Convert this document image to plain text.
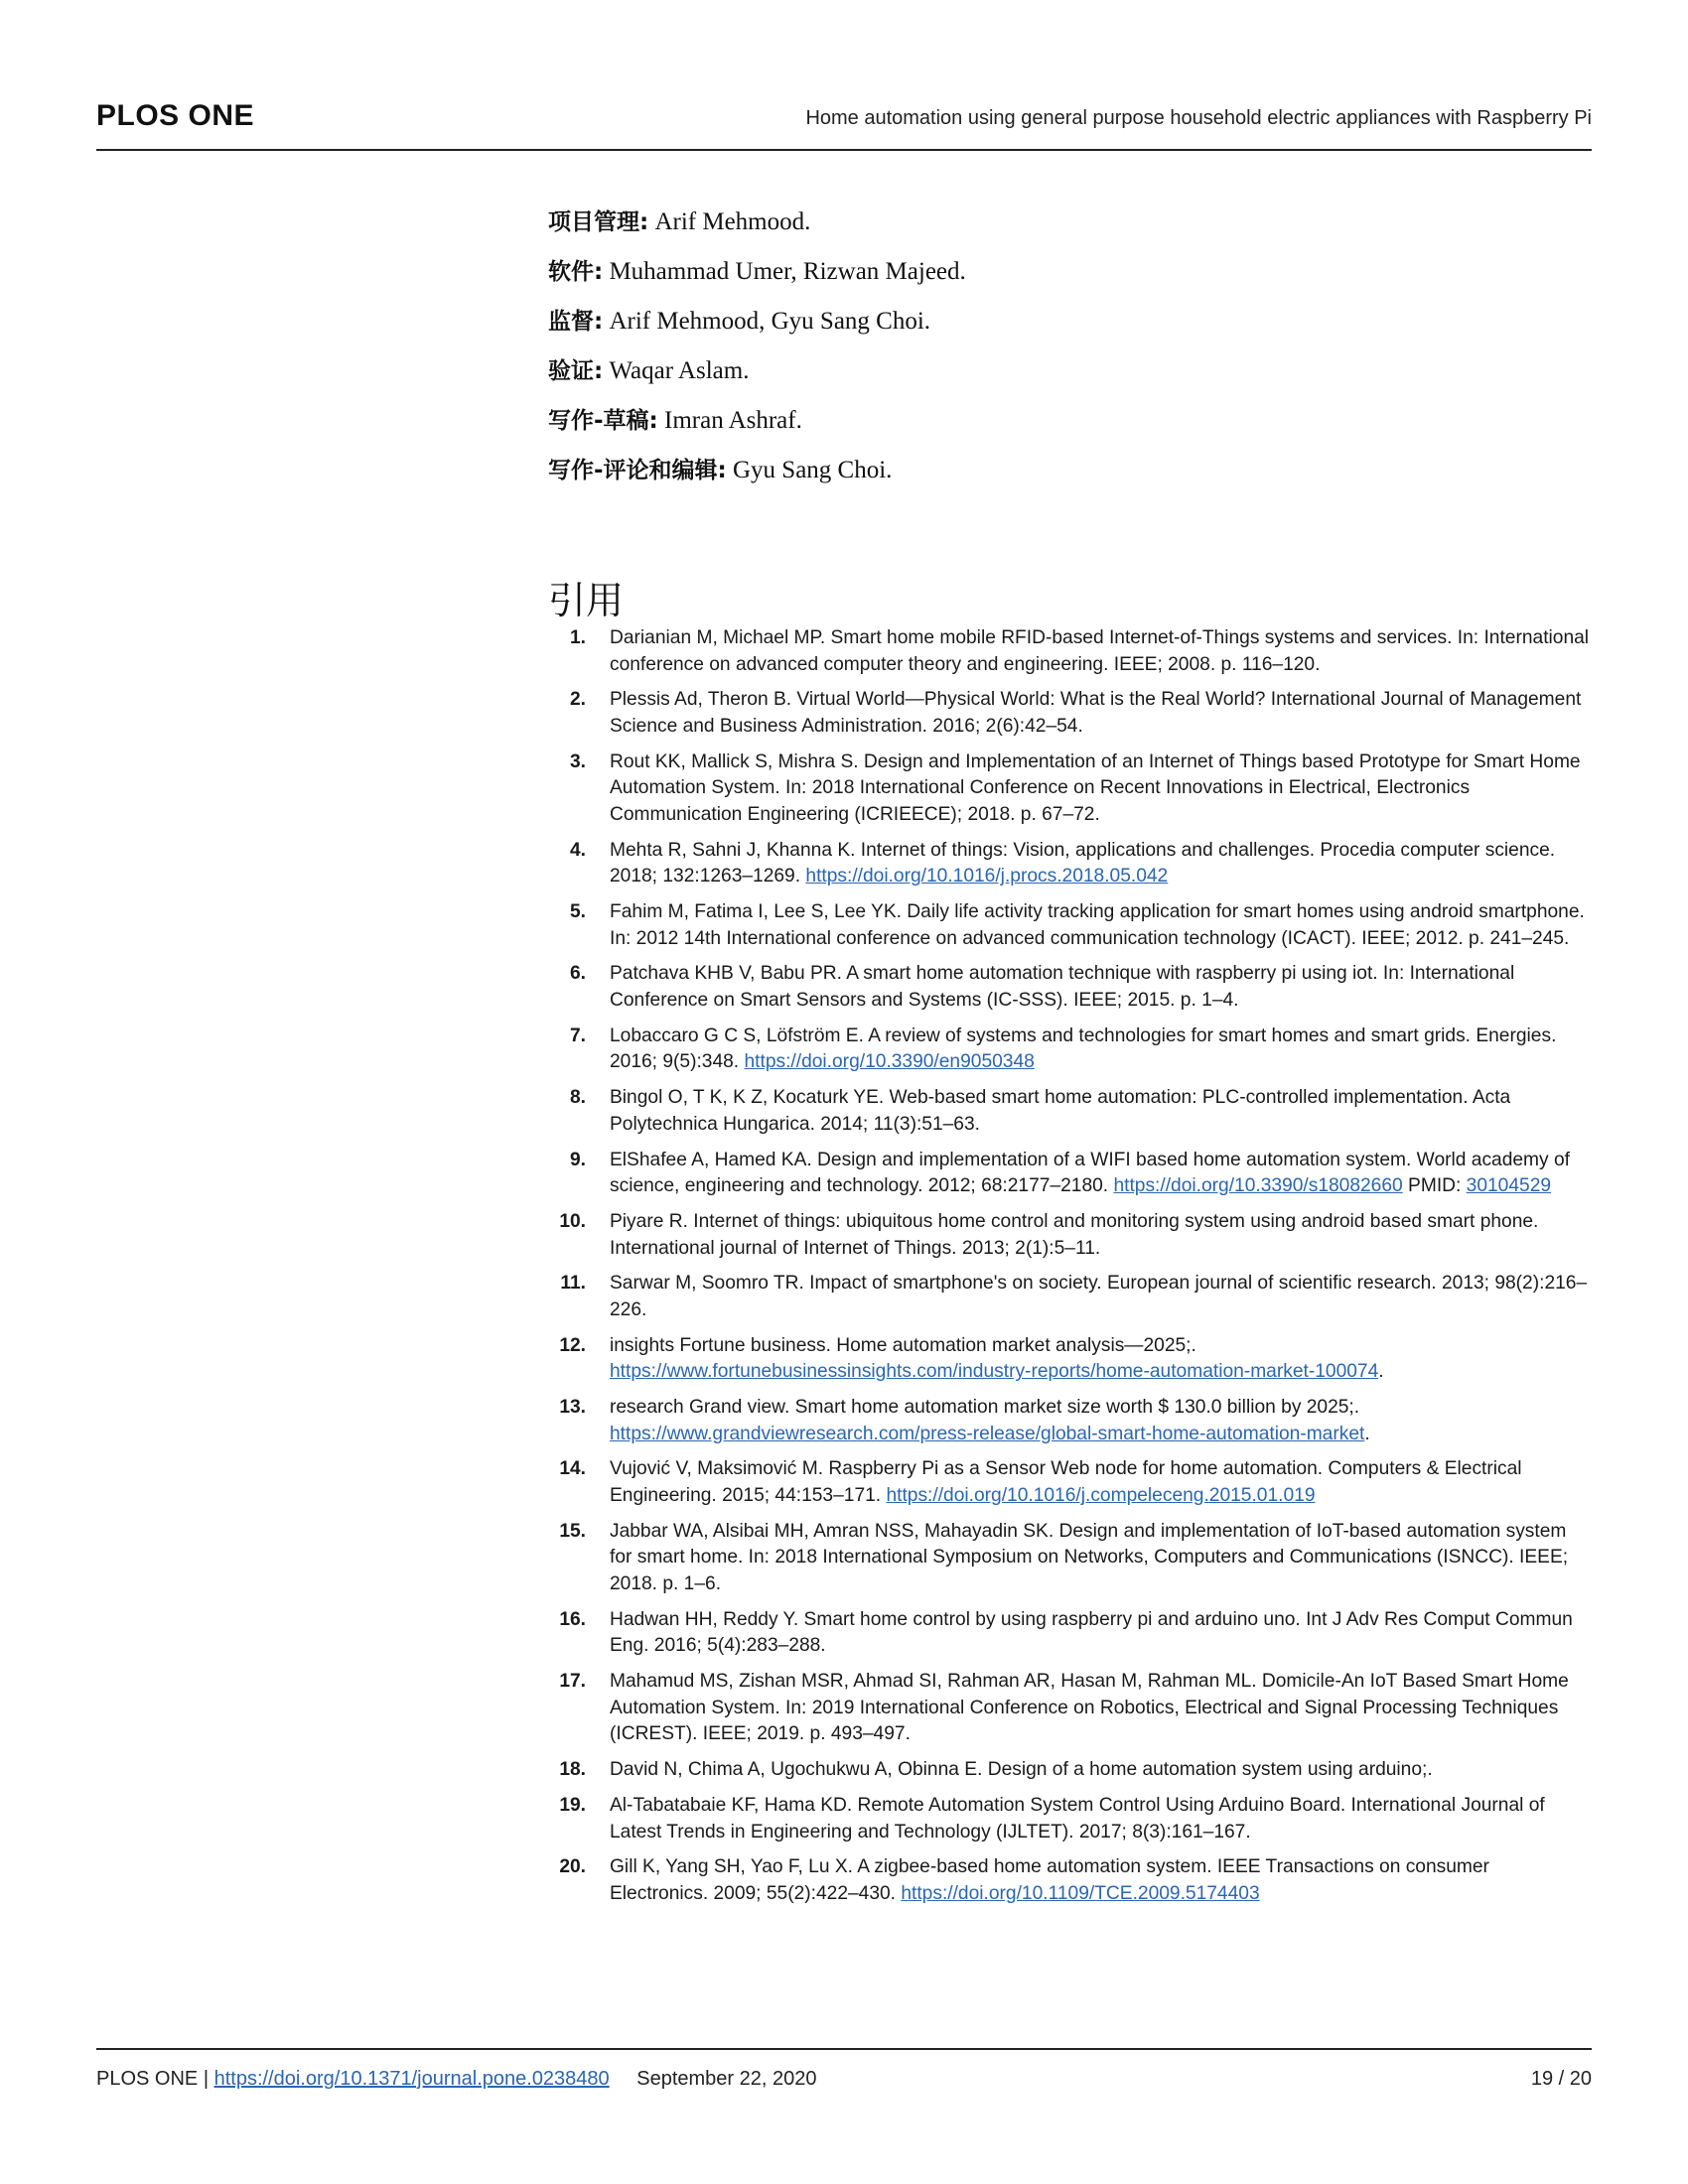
PLOS ONE	Home automation using general purpose household electric appliances with Raspberry Pi
项目管理: Arif Mehmood.
软件: Muhammad Umer, Rizwan Majeed.
监督: Arif Mehmood, Gyu Sang Choi.
验证: Waqar Aslam.
写作-草稿: Imran Ashraf.
写作-评论和编辑: Gyu Sang Choi.
引用
1. Darianian M, Michael MP. Smart home mobile RFID-based Internet-of-Things systems and services. In: International conference on advanced computer theory and engineering. IEEE; 2008. p. 116–120.
2. Plessis Ad, Theron B. Virtual World—Physical World: What is the Real World? International Journal of Management Science and Business Administration. 2016; 2(6):42–54.
3. Rout KK, Mallick S, Mishra S. Design and Implementation of an Internet of Things based Prototype for Smart Home Automation System. In: 2018 International Conference on Recent Innovations in Electrical, Electronics Communication Engineering (ICRIEECE); 2018. p. 67–72.
4. Mehta R, Sahni J, Khanna K. Internet of things: Vision, applications and challenges. Procedia computer science. 2018; 132:1263–1269. https://doi.org/10.1016/j.procs.2018.05.042
5. Fahim M, Fatima I, Lee S, Lee YK. Daily life activity tracking application for smart homes using android smartphone. In: 2012 14th International conference on advanced communication technology (ICACT). IEEE; 2012. p. 241–245.
6. Patchava KHB V, Babu PR. A smart home automation technique with raspberry pi using iot. In: International Conference on Smart Sensors and Systems (IC-SSS). IEEE; 2015. p. 1–4.
7. Lobaccaro G C S, Löfström E. A review of systems and technologies for smart homes and smart grids. Energies. 2016; 9(5):348. https://doi.org/10.3390/en9050348
8. Bingol O, T K, K Z, Kocaturk YE. Web-based smart home automation: PLC-controlled implementation. Acta Polytechnica Hungarica. 2014; 11(3):51–63.
9. ElShafee A, Hamed KA. Design and implementation of a WIFI based home automation system. World academy of science, engineering and technology. 2012; 68:2177–2180. https://doi.org/10.3390/s18082660 PMID: 30104529
10. Piyare R. Internet of things: ubiquitous home control and monitoring system using android based smart phone. International journal of Internet of Things. 2013; 2(1):5–11.
11. Sarwar M, Soomro TR. Impact of smartphone's on society. European journal of scientific research. 2013; 98(2):216–226.
12. insights Fortune business. Home automation market analysis—2025;. https://www.fortunebusinessinsights.com/industry-reports/home-automation-market-100074.
13. research Grand view. Smart home automation market size worth $ 130.0 billion by 2025;. https://www.grandviewresearch.com/press-release/global-smart-home-automation-market.
14. Vujović V, Maksimović M. Raspberry Pi as a Sensor Web node for home automation. Computers & Electrical Engineering. 2015; 44:153–171. https://doi.org/10.1016/j.compeleceng.2015.01.019
15. Jabbar WA, Alsibai MH, Amran NSS, Mahayadin SK. Design and implementation of IoT-based automation system for smart home. In: 2018 International Symposium on Networks, Computers and Communications (ISNCC). IEEE; 2018. p. 1–6.
16. Hadwan HH, Reddy Y. Smart home control by using raspberry pi and arduino uno. Int J Adv Res Comput Commun Eng. 2016; 5(4):283–288.
17. Mahamud MS, Zishan MSR, Ahmad SI, Rahman AR, Hasan M, Rahman ML. Domicile-An IoT Based Smart Home Automation System. In: 2019 International Conference on Robotics, Electrical and Signal Processing Techniques (ICREST). IEEE; 2019. p. 493–497.
18. David N, Chima A, Ugochukwu A, Obinna E. Design of a home automation system using arduino;.
19. Al-Tabatabaie KF, Hama KD. Remote Automation System Control Using Arduino Board. International Journal of Latest Trends in Engineering and Technology (IJLTET). 2017; 8(3):161–167.
20. Gill K, Yang SH, Yao F, Lu X. A zigbee-based home automation system. IEEE Transactions on consumer Electronics. 2009; 55(2):422–430. https://doi.org/10.1109/TCE.2009.5174403
PLOS ONE | https://doi.org/10.1371/journal.pone.0238480 September 22, 2020	19 / 20
